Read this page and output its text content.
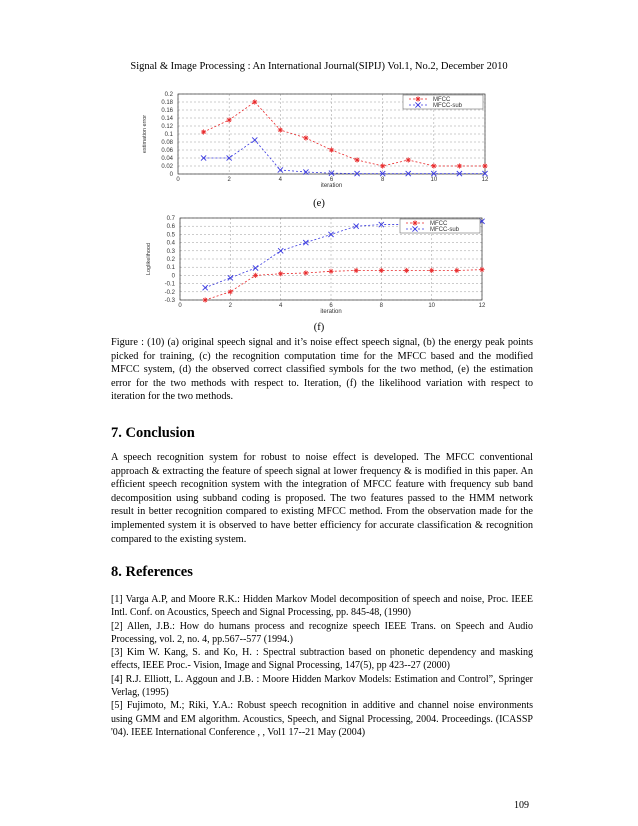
Signal & Image Processing : An International Journal(SIPIJ) Vol.1, No.2, December 2010
0
0.02
0.04
0.06
0.08
0.1
0.12
0.14
0.16
0.18
0.2
0	2	4	6	8	10	12
iteration
estimation error
MFCC
MFCC-sub
(e)
-0.3
-0.2
-0.1
0
0.1
0.2
0.3
0.4
0.5
0.6
0.7
0	2	4	6	8	10	12
iteration
Loglikelihood
MFCC
MFCC-sub
(f)
Figure : (10) (a) original speech signal and it’s noise effect speech signal, (b) the energy peak points picked for training, (c) the recognition computation time for the MFCC based and the modified MFCC system, (d) the observed correct classified symbols for the two method, (e) the estimation error for the two methods with respect to. Iteration, (f) the likelihood variation with respect to iteration for the two methods.
7. Conclusion
A speech recognition system for robust to noise effect is developed. The MFCC conventional approach & extracting the feature of speech signal at lower frequency & is modified in this paper. An efficient speech recognition system with the integration of MFCC feature with frequency sub band decomposition using subband coding is proposed. The two features passed to the HMM network result in better recognition compared to existing MFCC method. From the observation made for the implemented system it is observed to have better efficiency for accurate classification & recognition compared to the existing system.
8. References

[1] Varga A.P, and Moore R.K.: Hidden Markov Model decomposition of speech and noise, Proc. IEEE Intl. Conf. on Acoustics, Speech and Signal Processing, pp. 845-48, (1990)

[2] Allen, J.B.: How do humans process and recognize speech IEEE Trans. on Speech and Audio Processing, vol. 2, no. 4, pp.567--577 (1994.)

[3] Kim W. Kang, S. and Ko, H. : Spectral subtraction based on phonetic dependency and masking effects, IEEE Proc.- Vision, Image and Signal Processing, 147(5), pp 423--27 (2000)

[4] R.J. Elliott, L. Aggoun and J.B. : Moore Hidden Markov Models: Estimation and Control”, Springer Verlag, (1995)

[5] Fujimoto, M.; Riki, Y.A.: Robust speech recognition in additive and channel noise environments using GMM and EM algorithm. Acoustics, Speech, and Signal Processing, 2004. Proceedings. (ICASSP '04). IEEE International Conference , , Vol1 17--21 May (2004)

109
